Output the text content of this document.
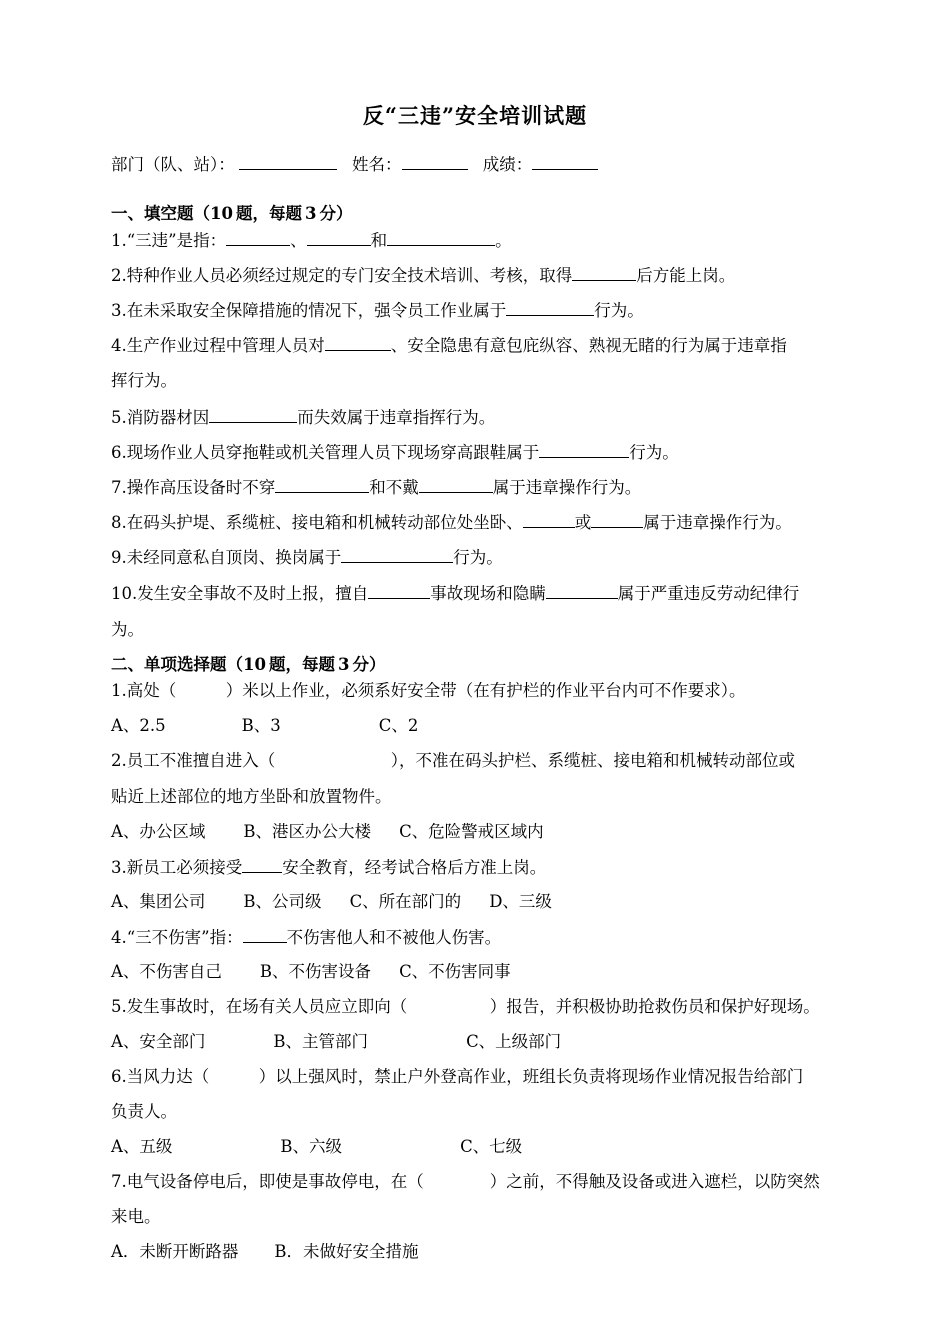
反“三违”安全培训试题
部门（队、站）：	姓名：	成绩：
一、填空题（10 题，每题 3 分）
1.“三违”是指：	、	和	。
2.特种作业人员必须经过规定的专门安全技术培训、考核，取得	后方能上岗。
3.在未采取安全保障措施的情况下，强令员工作业属于	行为。
4.生产作业过程中管理人员对	、安全隐患有意包庇纵容、熟视无睹的行为属于违章指
挥行为。
5.消防器材因	而失效属于违章指挥行为。
6.现场作业人员穿拖鞋或机关管理人员下现场穿高跟鞋属于	行为。
7.操作高压设备时不穿	和不戴	属于违章操作行为。
8.在码头护堤、系缆桩、接电箱和机械转动部位处坐卧、	或	属于违章操作行为。
9.未经同意私自顶岗、换岗属于	行为。
10.发生安全事故不及时上报，擅自	事故现场和隐瞒	属于严重违反劳动纪律行
为。
二、单项选择题（10 题，每题 3 分）
1.高处（　　　）米以上作业，必须系好安全带（在有护栏的作业平台内可不作要求）。
A、2.5	B、3	C、2
2.员工不准擅自进入（　　　　　　　），不准在码头护栏、系缆桩、接电箱和机械转动部位或
贴近上述部位的地方坐卧和放置物件。
A、办公区域 B、港区办公大楼 C、危险警戒区域内
3.新员工必须接受 安全教育，经考试合格后方准上岗。
A、集团公司 B、公司级 C、所在部门的 D、三级
4.“三不伤害”指：	不伤害他人和不被他人伤害。
A、不伤害自己 B、不伤害设备 C、不伤害同事
5.发生事故时，在场有关人员应立即向（　　　　　）报告，并积极协助抢救伤员和保护好现场。
A、安全部门	B、主管部门	C、上级部门
6.当风力达（　　　）以上强风时，禁止户外登高作业，班组长负责将现场作业情况报告给部门
负责人。
A、五级	B、六级	C、七级
7.电气设备停电后，即使是事故停电，在（　　　　）之前，不得触及设备或进入遮栏，以防突然
来电。
A．未断开断路器 B．未做好安全措施
